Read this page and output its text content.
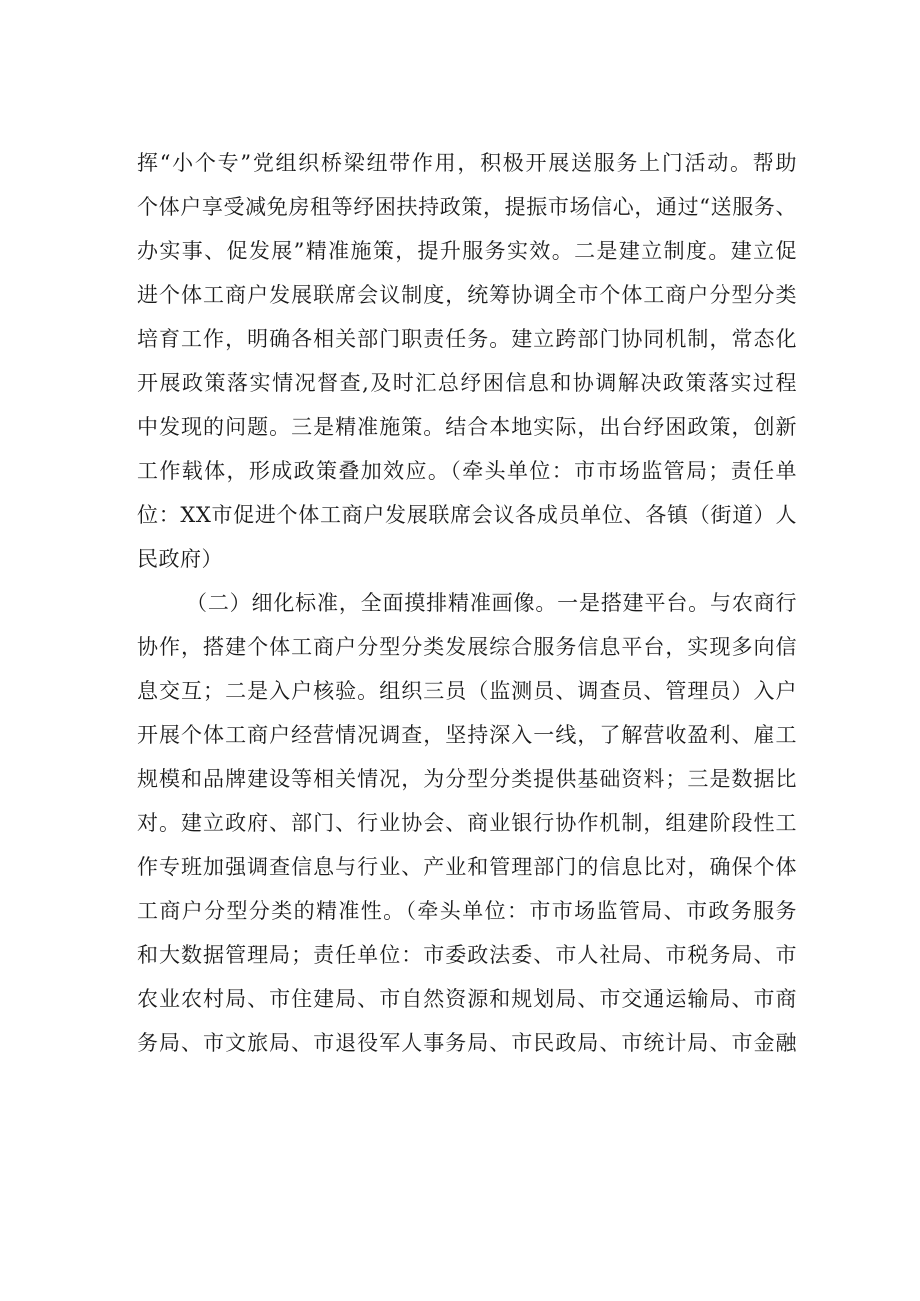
挥“小个专”党组织桥梁纽带作用，积极开展送服务上门活动。帮助
个体户享受减免房租等纾困扶持政策，提振市场信心，通过“送服务、
办实事、促发展”精准施策，提升服务实效。二是建立制度。建立促
进个体工商户发展联席会议制度，统筹协调全市个体工商户分型分类
培育工作，明确各相关部门职责任务。建立跨部门协同机制，常态化
开展政策落实情况督查,及时汇总纾困信息和协调解决政策落实过程
中发现的问题。三是精准施策。结合本地实际，出台纾困政策，创新
工作载体，形成政策叠加效应。（牵头单位：市市场监管局；责任单
位：XX市促进个体工商户发展联席会议各成员单位、各镇（街道）人
民政府）
（二）细化标准，全面摸排精准画像。一是搭建平台。与农商行
协作，搭建个体工商户分型分类发展综合服务信息平台，实现多向信
息交互；二是入户核验。组织三员（监测员、调查员、管理员）入户
开展个体工商户经营情况调查，坚持深入一线，了解营收盈利、雇工
规模和品牌建设等相关情况，为分型分类提供基础资料；三是数据比
对。建立政府、部门、行业协会、商业银行协作机制，组建阶段性工
作专班加强调查信息与行业、产业和管理部门的信息比对，确保个体
工商户分型分类的精准性。（牵头单位：市市场监管局、市政务服务
和大数据管理局；责任单位：市委政法委、市人社局、市税务局、市
农业农村局、市住建局、市自然资源和规划局、市交通运输局、市商
务局、市文旅局、市退役军人事务局、市民政局、市统计局、市金融
